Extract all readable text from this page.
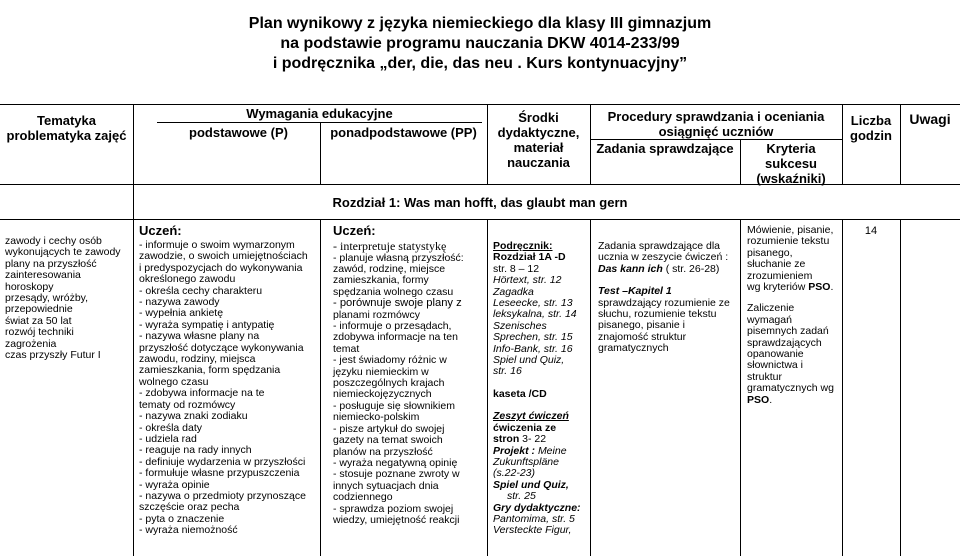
Plan wynikowy z języka niemieckiego dla klasy III gimnazjum
na podstawie programu nauczania DKW 4014-233/99
i podręcznika „der, die, das neu . Kurs kontynuacyjny”
Tematyka
problematyka zajęć
Wymagania edukacyjne
podstawowe (P)	ponadpodstawowe (PP)
Środki
dydaktyczne,
materiał
nauczania
Procedury sprawdzania i oceniania
osiągnięć uczniów
Zadania sprawdzające	Kryteria
sukcesu
(wskaźniki)
Liczba
godzin
Uwagi
Rozdział 1: Was man hofft, das glaubt man gern
zawody i cechy osób
wykonujących te zawody
plany na przyszłość
zainteresowania
horoskopy
przesądy, wróżby,
przepowiednie
świat za 50 lat
rozwój techniki
zagrożenia
czas przyszły Futur I
Uczeń:
- informuje o swoim wymarzonym
zawodzie, o swoich umiejętnościach
i predyspozycjach do wykonywania
określonego zawodu
- określa cechy charakteru
- nazywa zawody
- wypełnia ankietę
- wyraża sympatię i antypatię
- nazywa własne plany na
przyszłość dotyczące wykonywania
zawodu, rodziny, miejsca
zamieszkania, form spędzania
wolnego czasu
- zdobywa informacje na te
tematy od rozmówcy
- nazywa znaki zodiaku
- określa daty
- udziela rad
- reaguje na rady innych
- definiuje wydarzenia w przyszłości
- formułuje własne przypuszczenia
- wyraża opinie
- nazywa o przedmioty przynoszące
szczęście oraz pecha
- pyta o znaczenie
- wyraża niemożność
Uczeń:
- interpretuje statystykę
- planuje własną przyszłość:
zawód, rodzinę, miejsce
zamieszkania, formy
spędzania wolnego czasu
- porównuje swoje plany z
planami rozmówcy
- informuje o przesądach,
zdobywa informacje na ten
temat
- jest świadomy różnic w
języku niemieckim w
poszczególnych krajach
niemieckojęzycznych
- posługuje się słownikiem
niemiecko-polskim
- pisze artykuł do swojej
gazety na temat swoich
planów na przyszłość
- wyraża negatywną opinię
- stosuje poznane zwroty w
innych sytuacjach dnia
codziennego
- sprawdza poziom swojej
wiedzy, umiejętność reakcji
Podręcznik:
Rozdział 1A -D
str. 8 – 12
Hörtext, str. 12
Zagadka
Leseecke, str. 13
leksykalna, str. 14
Szenisches
Sprechen, str. 15
Info-Bank, str. 16
Spiel und Quiz,
str. 16
kaseta /CD
Zeszyt ćwiczeń
ćwiczenia ze
stron 3- 22
Projekt : Meine
Zukunftspläne
(s.22-23)
Spiel und Quiz,
str. 25
Gry dydaktyczne:
Pantomima, str. 5
Versteckte Figur,
Zadania sprawdzające dla
ucznia w zeszycie ćwiczeń :
Das kann ich ( str. 26-28)
Test –Kapitel 1
sprawdzający rozumienie ze
słuchu, rozumienie tekstu
pisanego, pisanie i
znajomość struktur
gramatycznych
Mówienie, pisanie,
rozumienie tekstu
pisanego,
słuchanie ze
zrozumieniem
wg kryteriów PSO.
Zaliczenie
wymagań
pisemnych zadań
sprawdzających
opanowanie
słownictwa i
struktur
gramatycznych wg
PSO.
14
